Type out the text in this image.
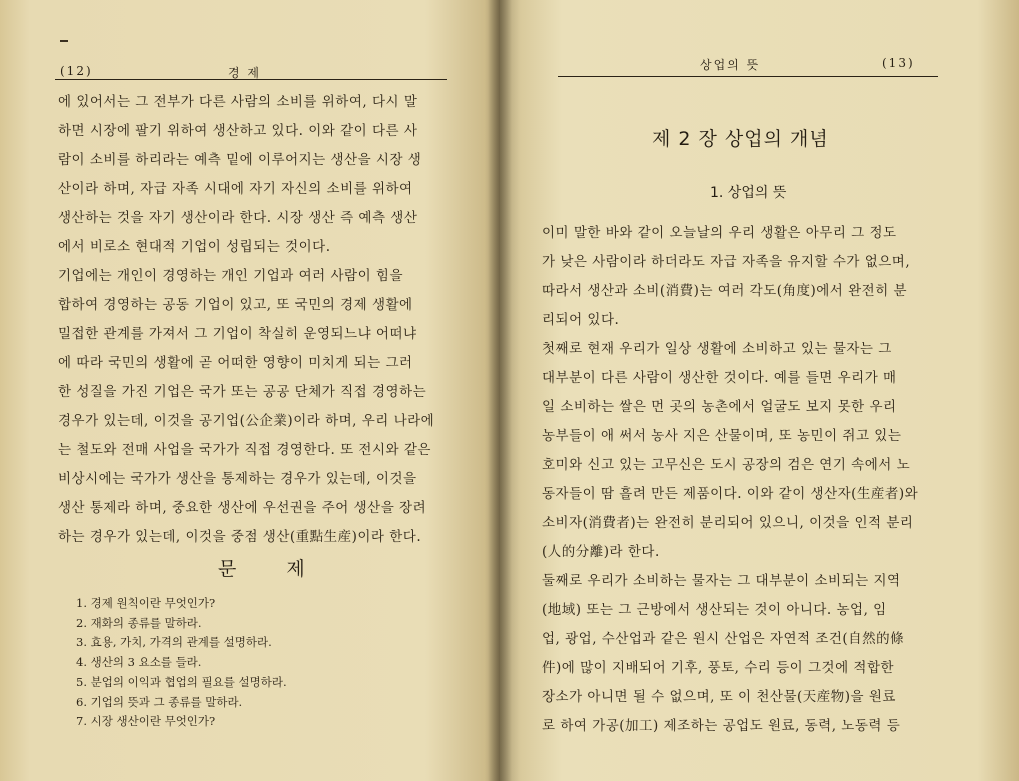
(12)	경 제

에 있어서는 그 전부가 다른 사람의 소비를 위하여, 다시 말

하면 시장에 팔기 위하여 생산하고 있다. 이와 같이 다른 사

람이 소비를 하리라는 예측 밑에 이루어지는 생산을 시장 생

산이라 하며, 자급 자족 시대에 자기 자신의 소비를 위하여

생산하는 것을 자기 생산이라 한다. 시장 생산 즉 예측 생산

에서 비로소 현대적 기업이 성립되는 것이다.

기업에는 개인이 경영하는 개인 기업과 여러 사람이 힘을

합하여 경영하는 공동 기업이 있고, 또 국민의 경제 생활에

밀접한 관계를 가져서 그 기업이 착실히 운영되느냐 어떠냐

에 따라 국민의 생활에 곧 어떠한 영향이 미치게 되는 그러

한 성질을 가진 기업은 국가 또는 공공 단체가 직접 경영하는

경우가 있는데, 이것을 공기업(公企業)이라 하며, 우리 나라에

는 철도와 전매 사업을 국가가 직접 경영한다. 또 전시와 같은

비상시에는 국가가 생산을 통제하는 경우가 있는데, 이것을

생산 통제라 하며, 중요한 생산에 우선권을 주어 생산을 장려

하는 경우가 있는데, 이것을 중점 생산(重點生産)이라 한다.

문 제
1. 경제 원칙이란 무엇인가?
2. 재화의 종류를 말하라.
3. 효용, 가치, 가격의 관계를 설명하라.
4. 생산의 3 요소를 들라.
5. 분업의 이익과 협업의 필요를 설명하라.
6. 기업의 뜻과 그 종류를 말하라.
7. 시장 생산이란 무엇인가?
상업의 뜻	(13)
제 2 장 상업의 개념
1. 상업의 뜻

이미 말한 바와 같이 오늘날의 우리 생활은 아무리 그 정도

가 낮은 사람이라 하더라도 자급 자족을 유지할 수가 없으며,

따라서 생산과 소비(消費)는 여러 각도(角度)에서 완전히 분

리되어 있다.

첫째로 현재 우리가 일상 생활에 소비하고 있는 물자는 그

대부분이 다른 사람이 생산한 것이다. 예를 들면 우리가 매

일 소비하는 쌀은 먼 곳의 농촌에서 얼굴도 보지 못한 우리

농부들이 애 써서 농사 지은 산물이며, 또 농민이 쥐고 있는

호미와 신고 있는 고무신은 도시 공장의 검은 연기 속에서 노

동자들이 땀 흘려 만든 제품이다. 이와 같이 생산자(生産者)와

소비자(消費者)는 완전히 분리되어 있으니, 이것을 인적 분리

(人的分離)라 한다.

둘째로 우리가 소비하는 물자는 그 대부분이 소비되는 지역

(地域) 또는 그 근방에서 생산되는 것이 아니다. 농업, 임

업, 광업, 수산업과 같은 원시 산업은 자연적 조건(自然的條

件)에 많이 지배되어 기후, 풍토, 수리 등이 그것에 적합한

장소가 아니면 될 수 없으며, 또 이 천산물(天産物)을 원료

로 하여 가공(加工) 제조하는 공업도 원료, 동력, 노동력 등
